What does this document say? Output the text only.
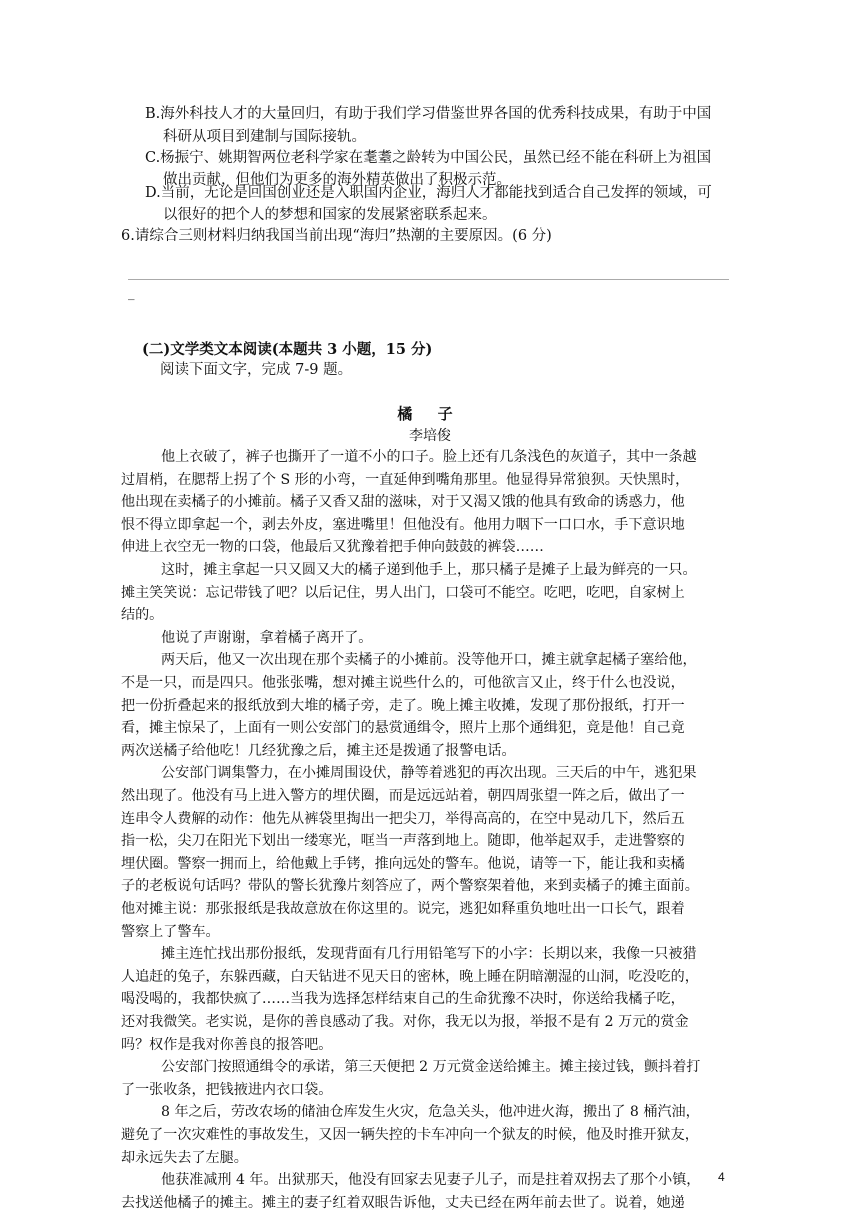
B.海外科技人才的大量回归，有助于我们学习借鉴世界各国的优秀科技成果，有助于中国
科研从项目到建制与国际接轨。
C.杨振宁、姚期智两位老科学家在耄耋之龄转为中国公民，虽然已经不能在科研上为祖国
做出贡献，但他们为更多的海外精英做出了积极示范。
D.当前，无论是回国创业还是入职国内企业，海归人才都能找到适合自己发挥的领域，可
以很好的把个人的梦想和国家的发展紧密联系起来。
6.请综合三则材料归纳我国当前出现“海归”热潮的主要原因。(6 分)
_
(二)文学类文本阅读(本题共 3 小题，15 分)
阅读下面文字，完成 7-9 题。
橘 子
李培俊
他上衣破了，裤子也撕开了一道不小的口子。脸上还有几条浅色的灰道子，其中一条越
过眉梢，在腮帮上拐了个 S 形的小弯，一直延伸到嘴角那里。他显得异常狼狈。天快黑时，
他出现在卖橘子的小摊前。橘子又香又甜的滋味，对于又渴又饿的他具有致命的诱惑力，他
恨不得立即拿起一个，剥去外皮，塞进嘴里！但他没有。他用力咽下一口口水，手下意识地
伸进上衣空无一物的口袋，他最后又犹豫着把手伸向鼓鼓的裤袋……
这时，摊主拿起一只又圆又大的橘子递到他手上，那只橘子是摊子上最为鲜亮的一只。
摊主笑笑说：忘记带钱了吧？以后记住，男人出门，口袋可不能空。吃吧，吃吧，自家树上
结的。
他说了声谢谢，拿着橘子离开了。
两天后，他又一次出现在那个卖橘子的小摊前。没等他开口，摊主就拿起橘子塞给他，
不是一只，而是四只。他张张嘴，想对摊主说些什么的，可他欲言又止，终于什么也没说，
把一份折叠起来的报纸放到大堆的橘子旁，走了。晚上摊主收摊，发现了那份报纸，打开一
看，摊主惊呆了，上面有一则公安部门的悬赏通缉令，照片上那个通缉犯，竟是他！自己竟
两次送橘子给他吃！几经犹豫之后，摊主还是拨通了报警电话。
公安部门调集警力，在小摊周围设伏，静等着逃犯的再次出现。三天后的中午，逃犯果
然出现了。他没有马上进入警方的埋伏圈，而是远远站着，朝四周张望一阵之后，做出了一
连串令人费解的动作：他先从裤袋里掏出一把尖刀，举得高高的，在空中晃动几下，然后五
指一松，尖刀在阳光下划出一缕寒光，哐当一声落到地上。随即，他举起双手，走进警察的
埋伏圈。警察一拥而上，给他戴上手铐，推向远处的警车。他说，请等一下，能让我和卖橘
子的老板说句话吗？带队的警长犹豫片刻答应了，两个警察架着他，来到卖橘子的摊主面前。
他对摊主说：那张报纸是我故意放在你这里的。说完，逃犯如释重负地吐出一口长气，跟着
警察上了警车。
摊主连忙找出那份报纸，发现背面有几行用铅笔写下的小字：长期以来，我像一只被猎
人追赶的兔子，东躲西藏，白天钻进不见天日的密林，晚上睡在阴暗潮湿的山洞，吃没吃的，
喝没喝的，我都快疯了……当我为选择怎样结束自己的生命犹豫不决时，你送给我橘子吃，
还对我微笑。老实说，是你的善良感动了我。对你，我无以为报，举报不是有 2 万元的赏金
吗？权作是我对你善良的报答吧。
公安部门按照通缉令的承诺，第三天便把 2 万元赏金送给摊主。摊主接过钱，颤抖着打
了一张收条，把钱掖进内衣口袋。
8 年之后，劳改农场的储油仓库发生火灾，危急关头，他冲进火海，搬出了 8 桶汽油，
避免了一次灾难性的事故发生，又因一辆失控的卡车冲向一个狱友的时候，他及时推开狱友，
却永远失去了左腿。
他获准减刑 4 年。出狱那天，他没有回家去见妻子儿子，而是拄着双拐去了那个小镇，
去找送他橘子的摊主。摊主的妻子红着双眼告诉他，丈夫已经在两年前去世了。说着，她递
4
